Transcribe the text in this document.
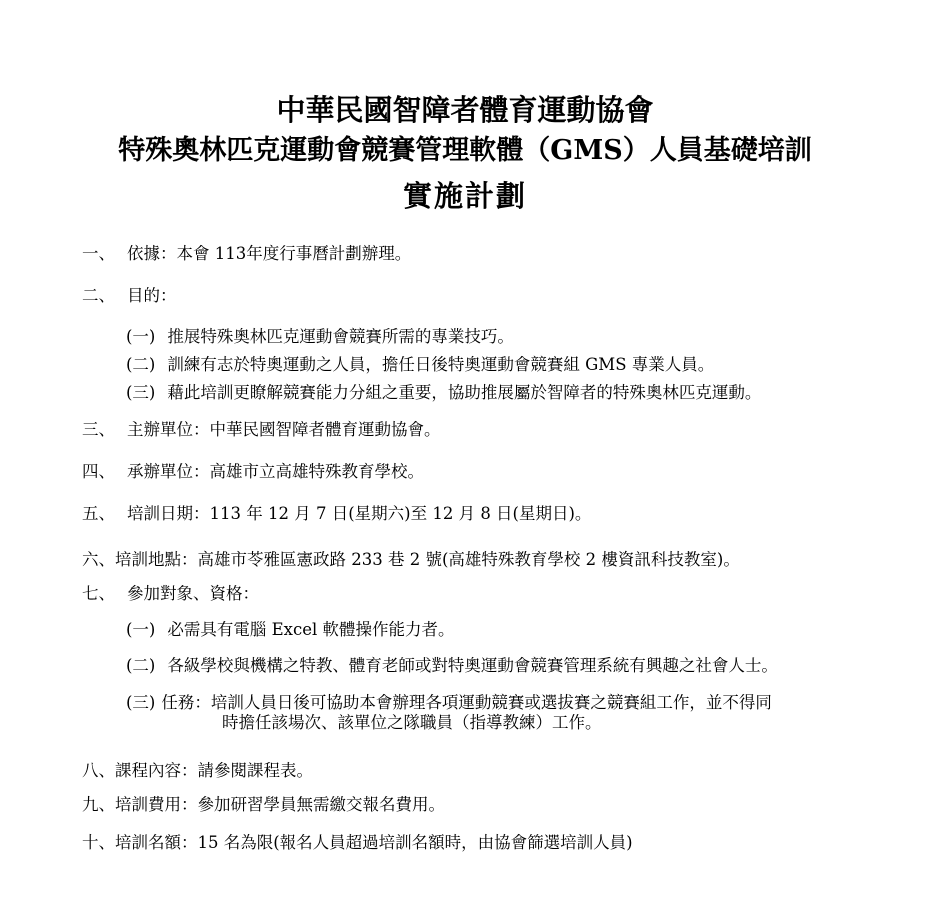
中華民國智障者體育運動協會
特殊奧林匹克運動會競賽管理軟體（GMS）人員基礎培訓
實施計劃
一、 依據：本會 113年度行事曆計劃辦理。
二、 目的：
(一) 推展特殊奧林匹克運動會競賽所需的專業技巧。
(二) 訓練有志於特奧運動之人員，擔任日後特奧運動會競賽組 GMS 專業人員。
(三) 藉此培訓更瞭解競賽能力分組之重要，協助推展屬於智障者的特殊奧林匹克運動。
三、 主辦單位：中華民國智障者體育運動協會。
四、 承辦單位：高雄市立高雄特殊教育學校。
五、 培訓日期：113 年 12 月 7 日(星期六)至 12 月 8 日(星期日)。
六、培訓地點：高雄市苓雅區憲政路 233 巷 2 號(高雄特殊教育學校 2 樓資訊科技教室)。
七、 參加對象、資格：
(一) 必需具有電腦 Excel 軟體操作能力者。
(二) 各級學校與機構之特教、體育老師或對特奧運動會競賽管理系統有興趣之社會人士。
(三) 任務：培訓人員日後可協助本會辦理各項運動競賽或選拔賽之競賽組工作，並不得同
時擔任該場次、該單位之隊職員（指導教練）工作。
八、課程內容：請參閱課程表。
九、培訓費用：參加研習學員無需繳交報名費用。
十、培訓名額：15 名為限(報名人員超過培訓名額時，由協會篩選培訓人員)
